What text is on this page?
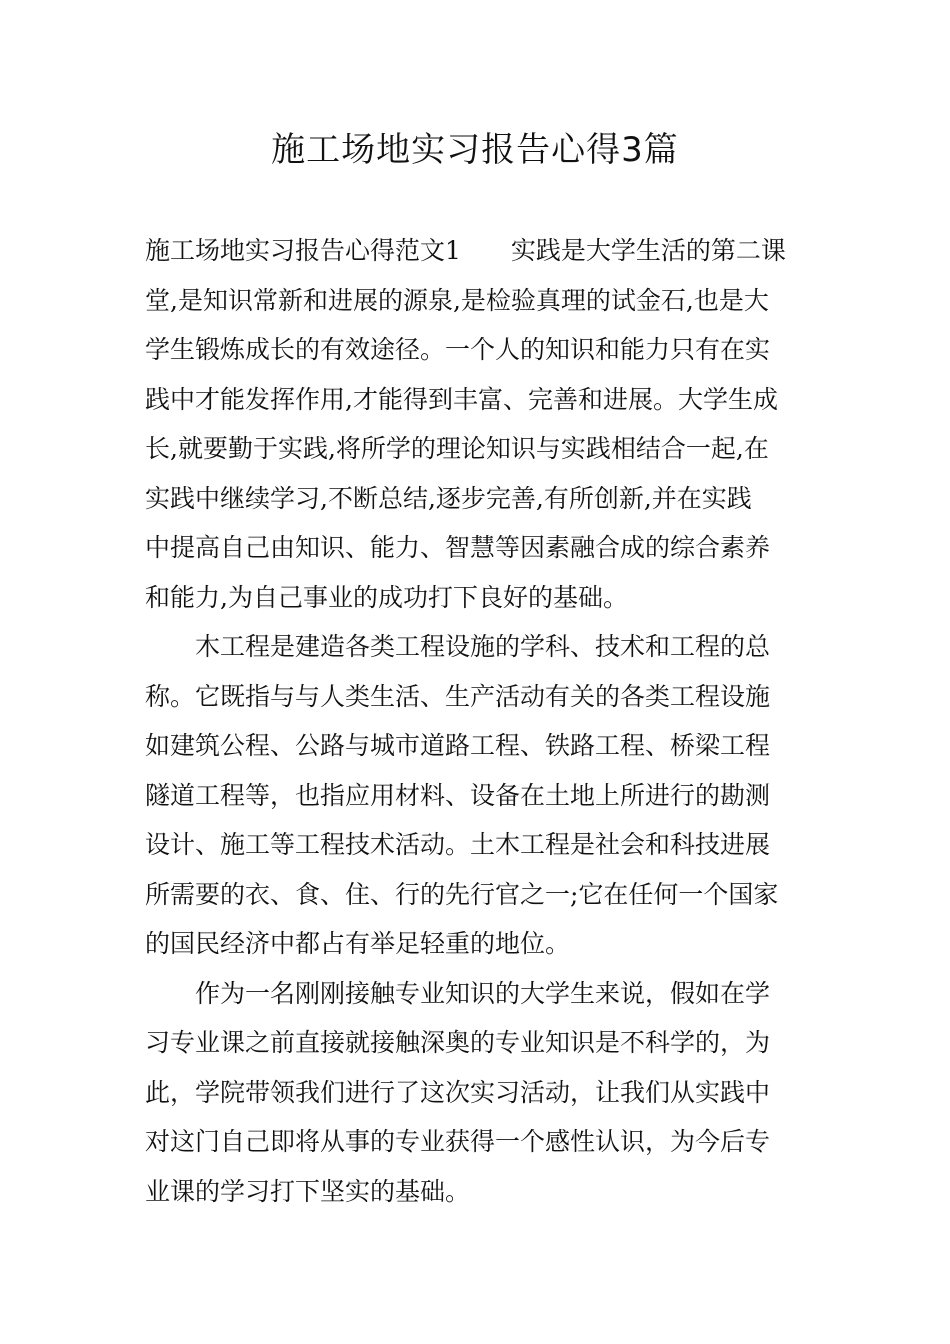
施工场地实习报告心得3篇
施工场地实习报告心得范文1　　实践是大学生活的第二课
堂,是知识常新和进展的源泉,是检验真理的试金石,也是大
学生锻炼成长的有效途径。一个人的知识和能力只有在实
践中才能发挥作用,才能得到丰富、完善和进展。大学生成
长,就要勤于实践,将所学的理论知识与实践相结合一起,在
实践中继续学习,不断总结,逐步完善,有所创新,并在实践
中提高自己由知识、能力、智慧等因素融合成的综合素养
和能力,为自己事业的成功打下良好的基础。
　　木工程是建造各类工程设施的学科、技术和工程的总
称。它既指与与人类生活、生产活动有关的各类工程设施
如建筑公程、公路与城市道路工程、铁路工程、桥梁工程
隧道工程等，也指应用材料、设备在土地上所进行的勘测
设计、施工等工程技术活动。土木工程是社会和科技进展
所需要的衣、食、住、行的先行官之一;它在任何一个国家
的国民经济中都占有举足轻重的地位。
　　作为一名刚刚接触专业知识的大学生来说，假如在学
习专业课之前直接就接触深奥的专业知识是不科学的，为
此，学院带领我们进行了这次实习活动，让我们从实践中
对这门自己即将从事的专业获得一个感性认识，为今后专
业课的学习打下坚实的基础。
